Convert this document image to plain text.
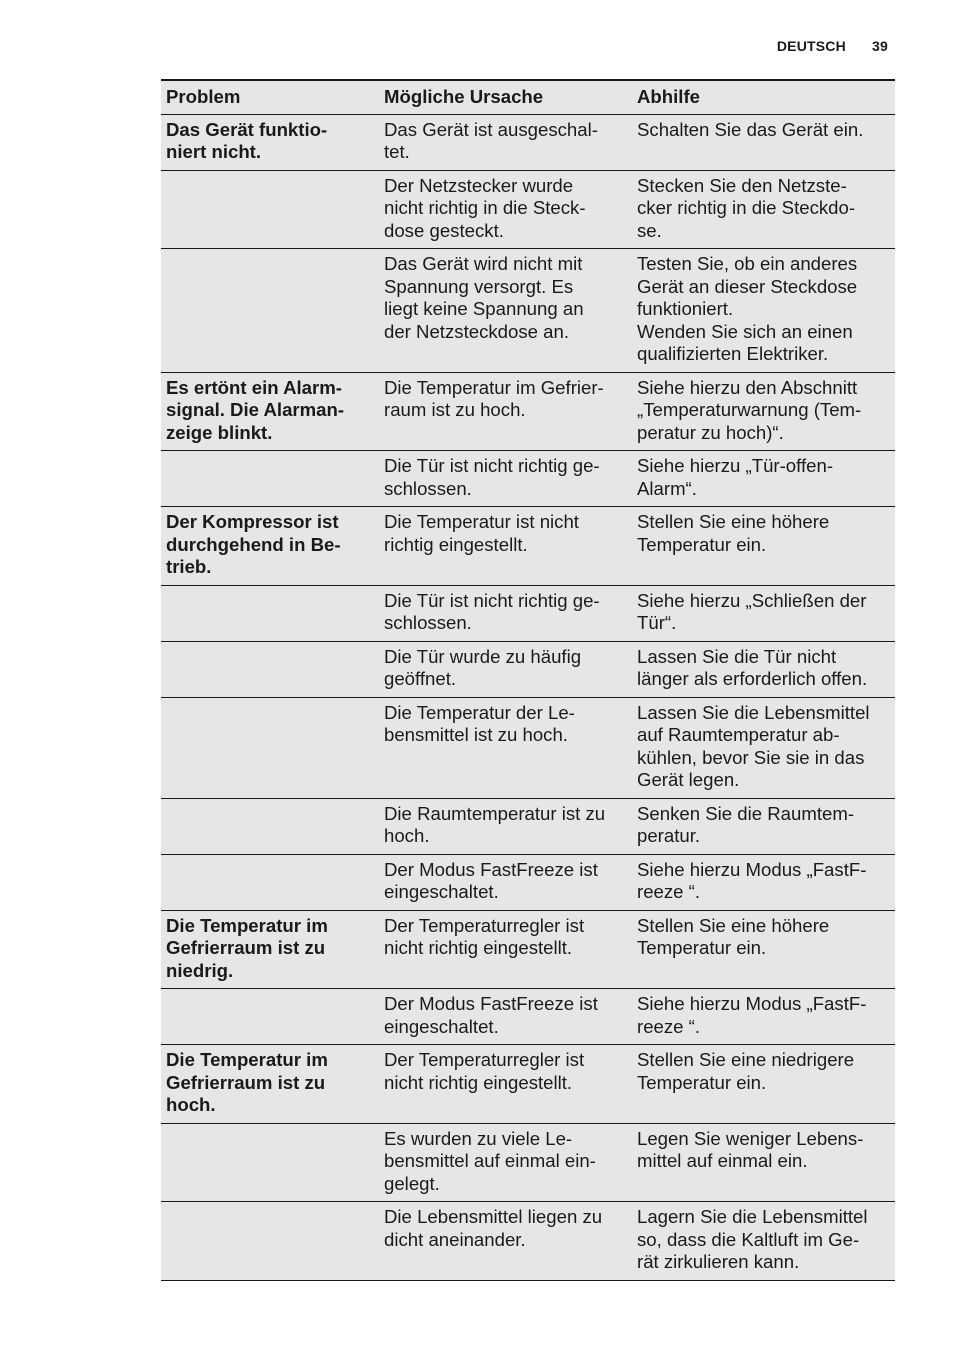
DEUTSCH 39
Problem	Mögliche Ursache	Abhilfe

Das Gerät funktio-
niert nicht.	Das Gerät ist ausgeschal-
tet.	Schalten Sie das Gerät ein.

	Der Netzstecker wurde
nicht richtig in die Steck-
dose gesteckt.	Stecken Sie den Netzste-
cker richtig in die Steckdo-
se.

	Das Gerät wird nicht mit
Spannung versorgt. Es
liegt keine Spannung an
der Netzsteckdose an.	Testen Sie, ob ein anderes
Gerät an dieser Steckdose
funktioniert.
Wenden Sie sich an einen
qualifizierten Elektriker.

Es ertönt ein Alarm-
signal. Die Alarman-
zeige blinkt.	Die Temperatur im Gefrier-
raum ist zu hoch.	Siehe hierzu den Abschnitt
„Temperaturwarnung (Tem-
peratur zu hoch)“.

	Die Tür ist nicht richtig ge-
schlossen.	Siehe hierzu „Tür-offen-
Alarm“.

Der Kompressor ist
durchgehend in Be-
trieb.	Die Temperatur ist nicht
richtig eingestellt.	Stellen Sie eine höhere
Temperatur ein.

	Die Tür ist nicht richtig ge-
schlossen.	Siehe hierzu „Schließen der
Tür“.

	Die Tür wurde zu häufig
geöffnet.	Lassen Sie die Tür nicht
länger als erforderlich offen.

	Die Temperatur der Le-
bensmittel ist zu hoch.	Lassen Sie die Lebensmittel
auf Raumtemperatur ab-
kühlen, bevor Sie sie in das
Gerät legen.

	Die Raumtemperatur ist zu
hoch.	Senken Sie die Raumtem-
peratur.

	Der Modus FastFreeze ist
eingeschaltet.	Siehe hierzu Modus „FastF-
reeze “.

Die Temperatur im
Gefrierraum ist zu
niedrig.	Der Temperaturregler ist
nicht richtig eingestellt.	Stellen Sie eine höhere
Temperatur ein.

	Der Modus FastFreeze ist
eingeschaltet.	Siehe hierzu Modus „FastF-
reeze “.

Die Temperatur im
Gefrierraum ist zu
hoch.	Der Temperaturregler ist
nicht richtig eingestellt.	Stellen Sie eine niedrigere
Temperatur ein.

	Es wurden zu viele Le-
bensmittel auf einmal ein-
gelegt.	Legen Sie weniger Lebens-
mittel auf einmal ein.

	Die Lebensmittel liegen zu
dicht aneinander.	Lagern Sie die Lebensmittel
so, dass die Kaltluft im Ge-
rät zirkulieren kann.
